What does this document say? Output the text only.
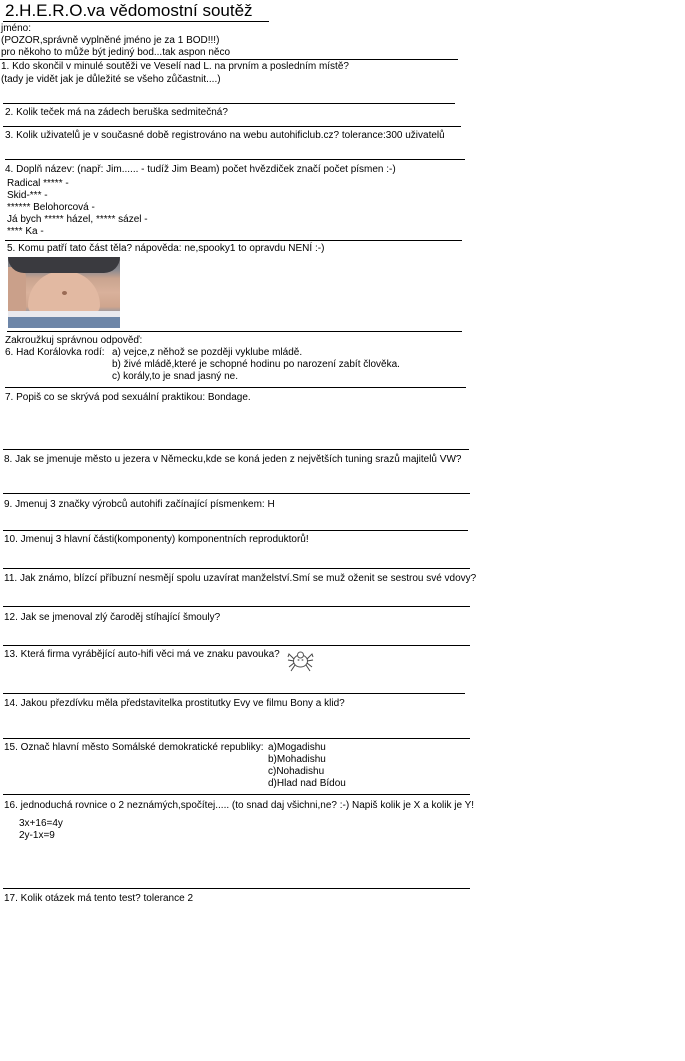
2.H.E.R.O.va vědomostní soutěž
jméno:
(POZOR,správně vyplněné jméno je za 1 BOD!!!)
pro někoho to může být jediný bod...tak aspon něco
1. Kdo skončil v minulé soutěži ve Veselí nad L. na prvním a posledním místě?
(tady je vidět jak je důležité se všeho zůčastnit....)
2. Kolik teček má na zádech beruška sedmitečná?
3. Kolik uživatelů je v současné době registrováno na webu autohificlub.cz? tolerance:300 uživatelů
4. Doplň název: (např: Jim...... - tudíž Jim Beam) počet hvězdiček značí počet písmen :-)
Radical ***** -
Skid-*** -
****** Belohorcová -
Já bych ***** házel, ***** sázel -
**** Ka -
5. Komu patří tato část těla? nápověda: ne,spooky1 to opravdu NENÍ :-)
Zakroužkuj správnou odpověď:
6. Had Korálovka rodí: a) vejce,z něhož se později vyklube mládě.
b) živé mládě,které je schopné hodinu po narození zabít člověka.
c) korály,to je snad jasný ne.
7. Popiš co se skrývá pod sexuální praktikou: Bondage.
8. Jak se jmenuje město u jezera v Německu,kde se koná jeden z největších tuning srazů majitelů VW?
9. Jmenuj 3 značky výrobců autohifi začínající písmenkem: H
10. Jmenuj 3 hlavní části(komponenty) komponentních reproduktorů!
11. Jak známo, blízcí příbuzní nesmějí spolu uzavírat manželství.Smí se muž oženit se sestrou své vdovy?
12. Jak se jmenoval zlý čaroděj stíhající šmouly?
13. Která firma vyrábějící auto-hifi věci má ve znaku pavouka?
14. Jakou přezdívku měla představitelka prostitutky Evy ve filmu Bony a klid?
15. Označ hlavní město Somálské demokratické republiky: a)Mogadishu
b)Mohadishu
c)Nohadishu
d)Hlad nad Bídou
16. jednoduchá rovnice o 2 neznámých,spočítej..... (to snad daj všichni,ne? :-) Napiš kolik je X a kolik je Y!
3x+16=4y
2y-1x=9
17. Kolik otázek má tento test? tolerance 2
